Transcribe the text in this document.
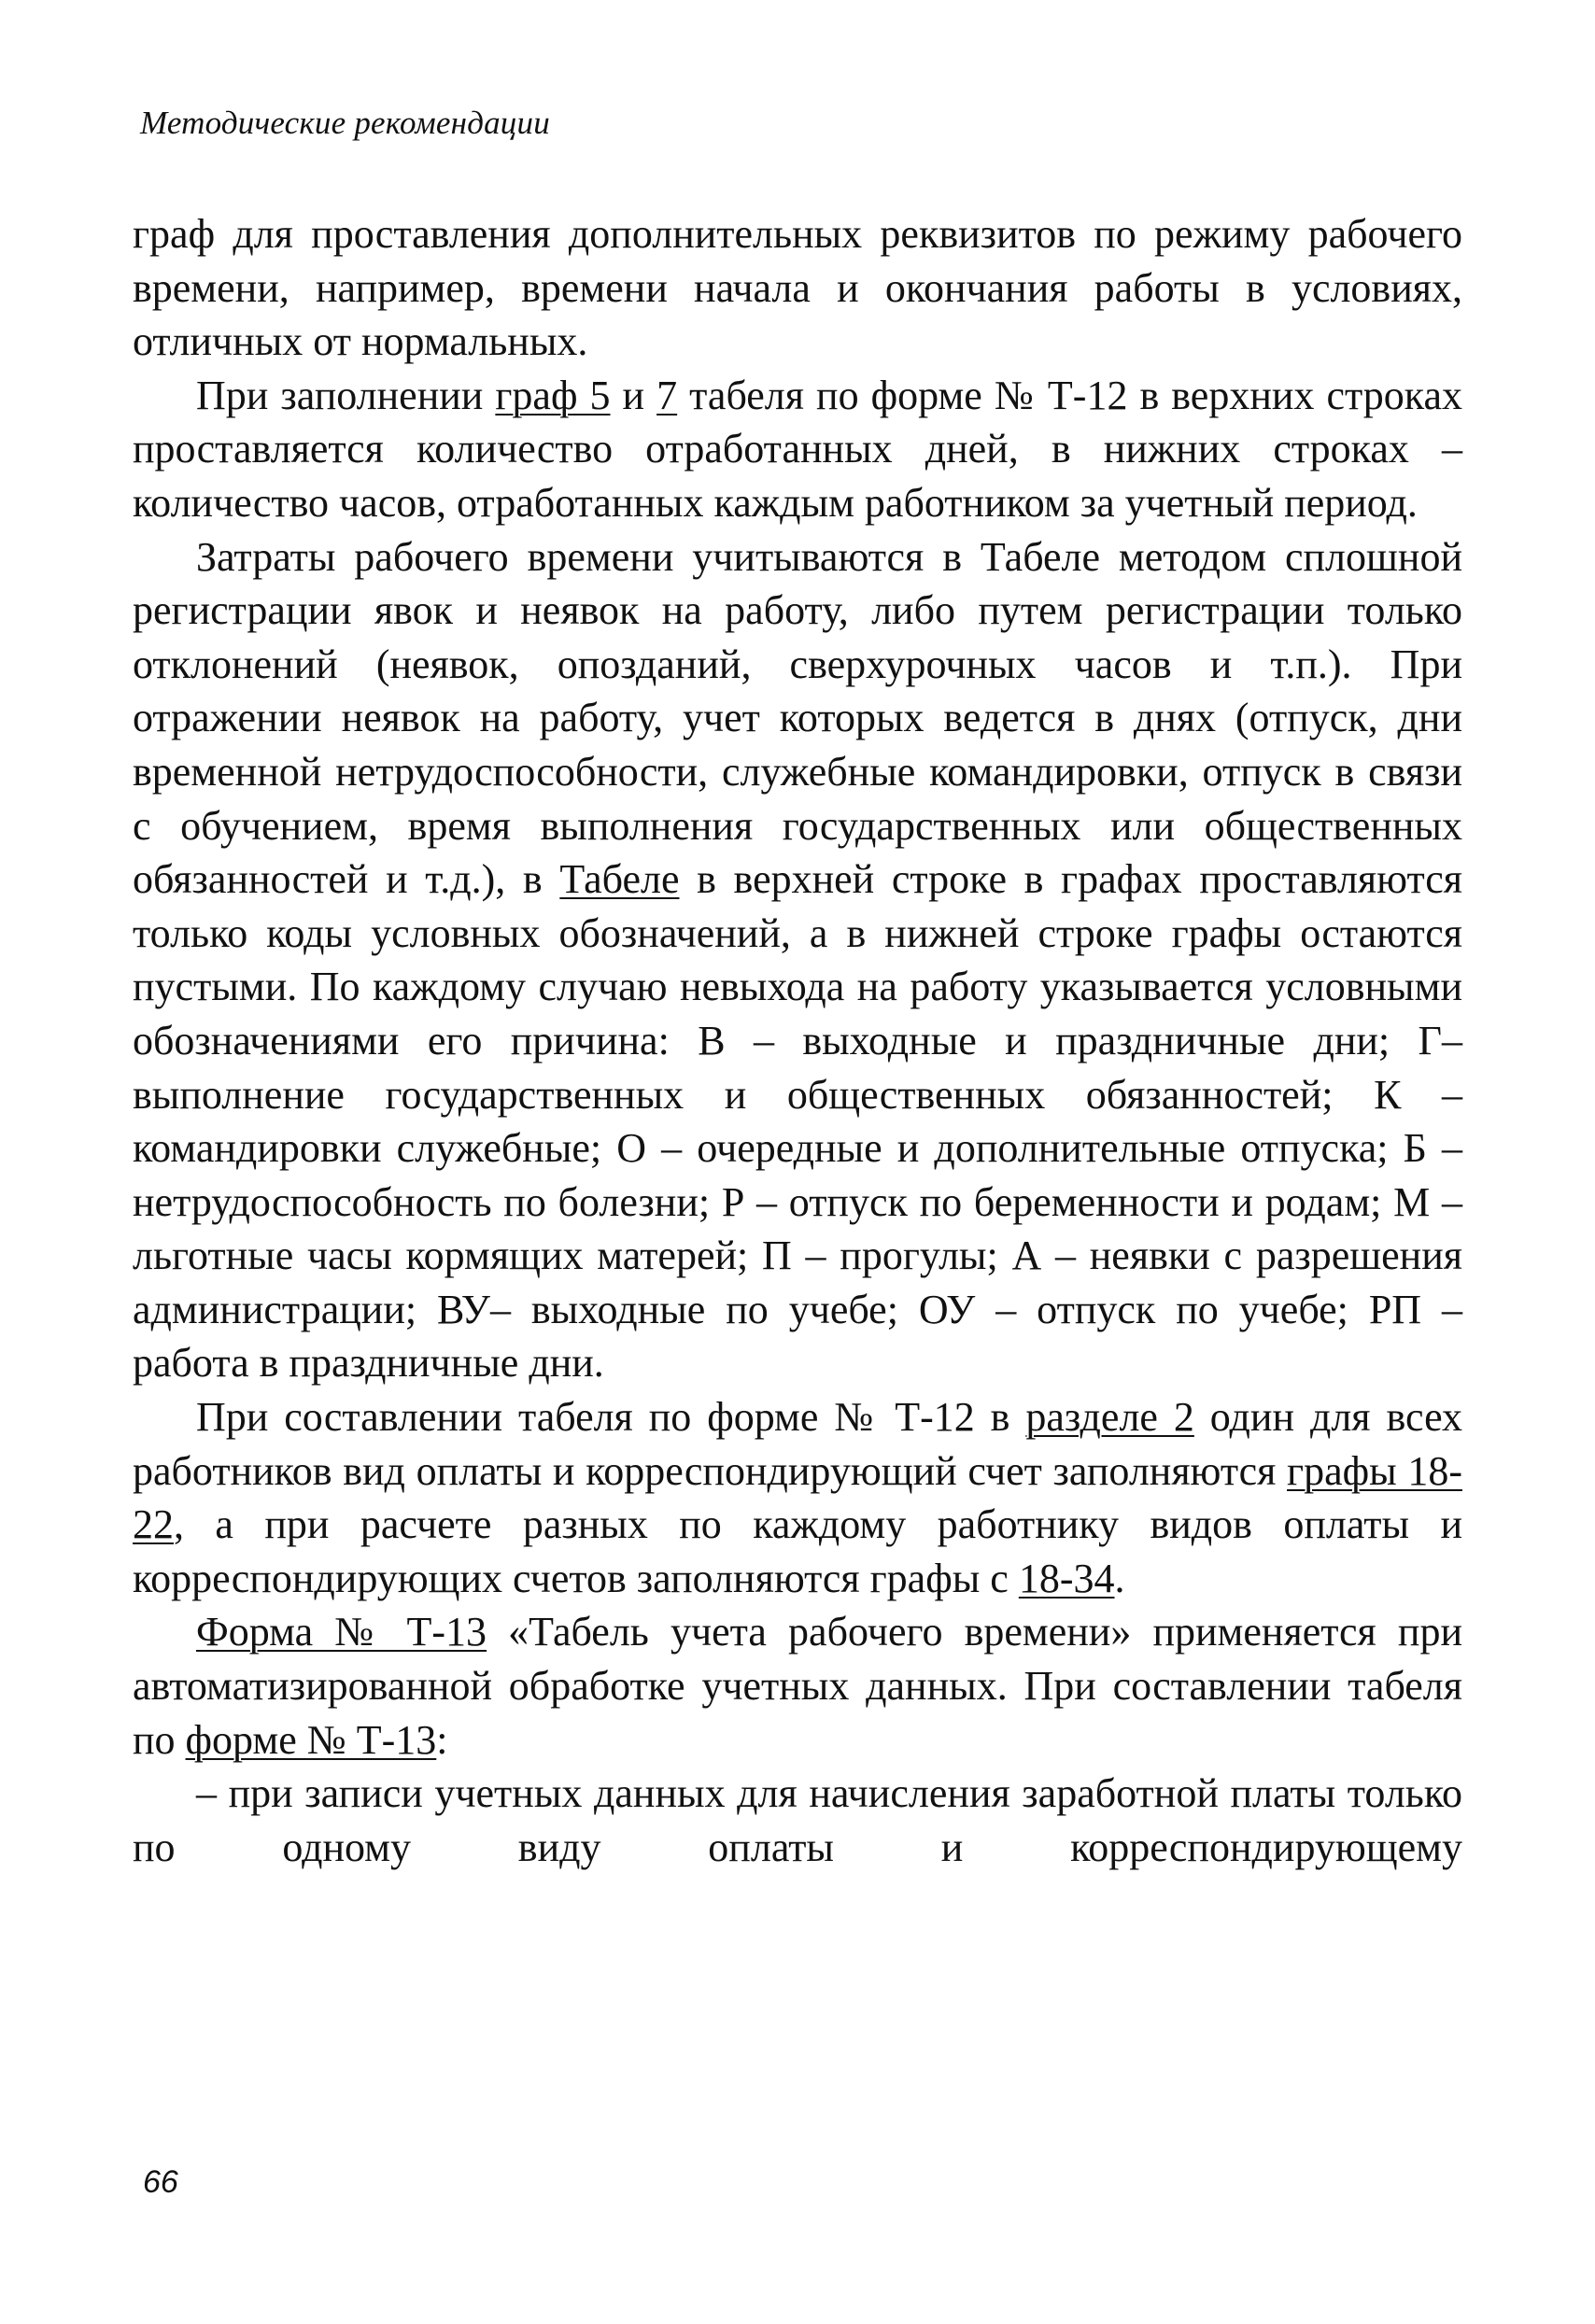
Методические рекомендации

граф для проставления дополнительных реквизитов по режиму рабочего времени, например, времени начала и окончания работы в условиях, отличных от нормальных.

При заполнении граф 5 и 7 табеля по форме № Т-12 в верхних строках проставляется количество отработанных дней, в нижних строках – количество часов, отработанных каждым работником за учетный период.

Затраты рабочего времени учитываются в Табеле методом сплошной регистрации явок и неявок на работу, либо путем регистрации только отклонений (неявок, опозданий, сверхурочных часов и т.п.). При отражении неявок на работу, учет которых ведется в днях (отпуск, дни временной нетрудоспособности, служебные командировки, отпуск в связи с обучением, время выполнения государственных или общественных обязанностей и т.д.), в Табеле в верхней строке в графах проставляются только коды условных обозначений, а в нижней строке графы остаются пустыми. По каждому случаю невыхода на работу указывается условными обозначениями его причина: В – выходные и праздничные дни; Г– выполнение государственных и общественных обязанностей; К – командировки служебные; О – очередные и дополнительные отпуска; Б – нетрудоспособность по болезни; Р – отпуск по беременности и родам; М – льготные часы кормящих матерей; П – прогулы; А – неявки с разрешения администрации; ВУ– выходные по учебе; ОУ – отпуск по учебе; РП – работа в праздничные дни.

При составлении табеля по форме № Т-12 в разделе 2 один для всех работников вид оплаты и корреспондирующий счет заполняются графы 18-22, а при расчете разных по каждому работнику видов оплаты и корреспондирующих счетов заполняются графы с 18-34.

Форма № Т-13 «Табель учета рабочего времени» применяется при автоматизированной обработке учетных данных. При составлении табеля по форме № Т-13:

– при записи учетных данных для начисления заработной платы только по одному виду оплаты и корреспондирующему

66
